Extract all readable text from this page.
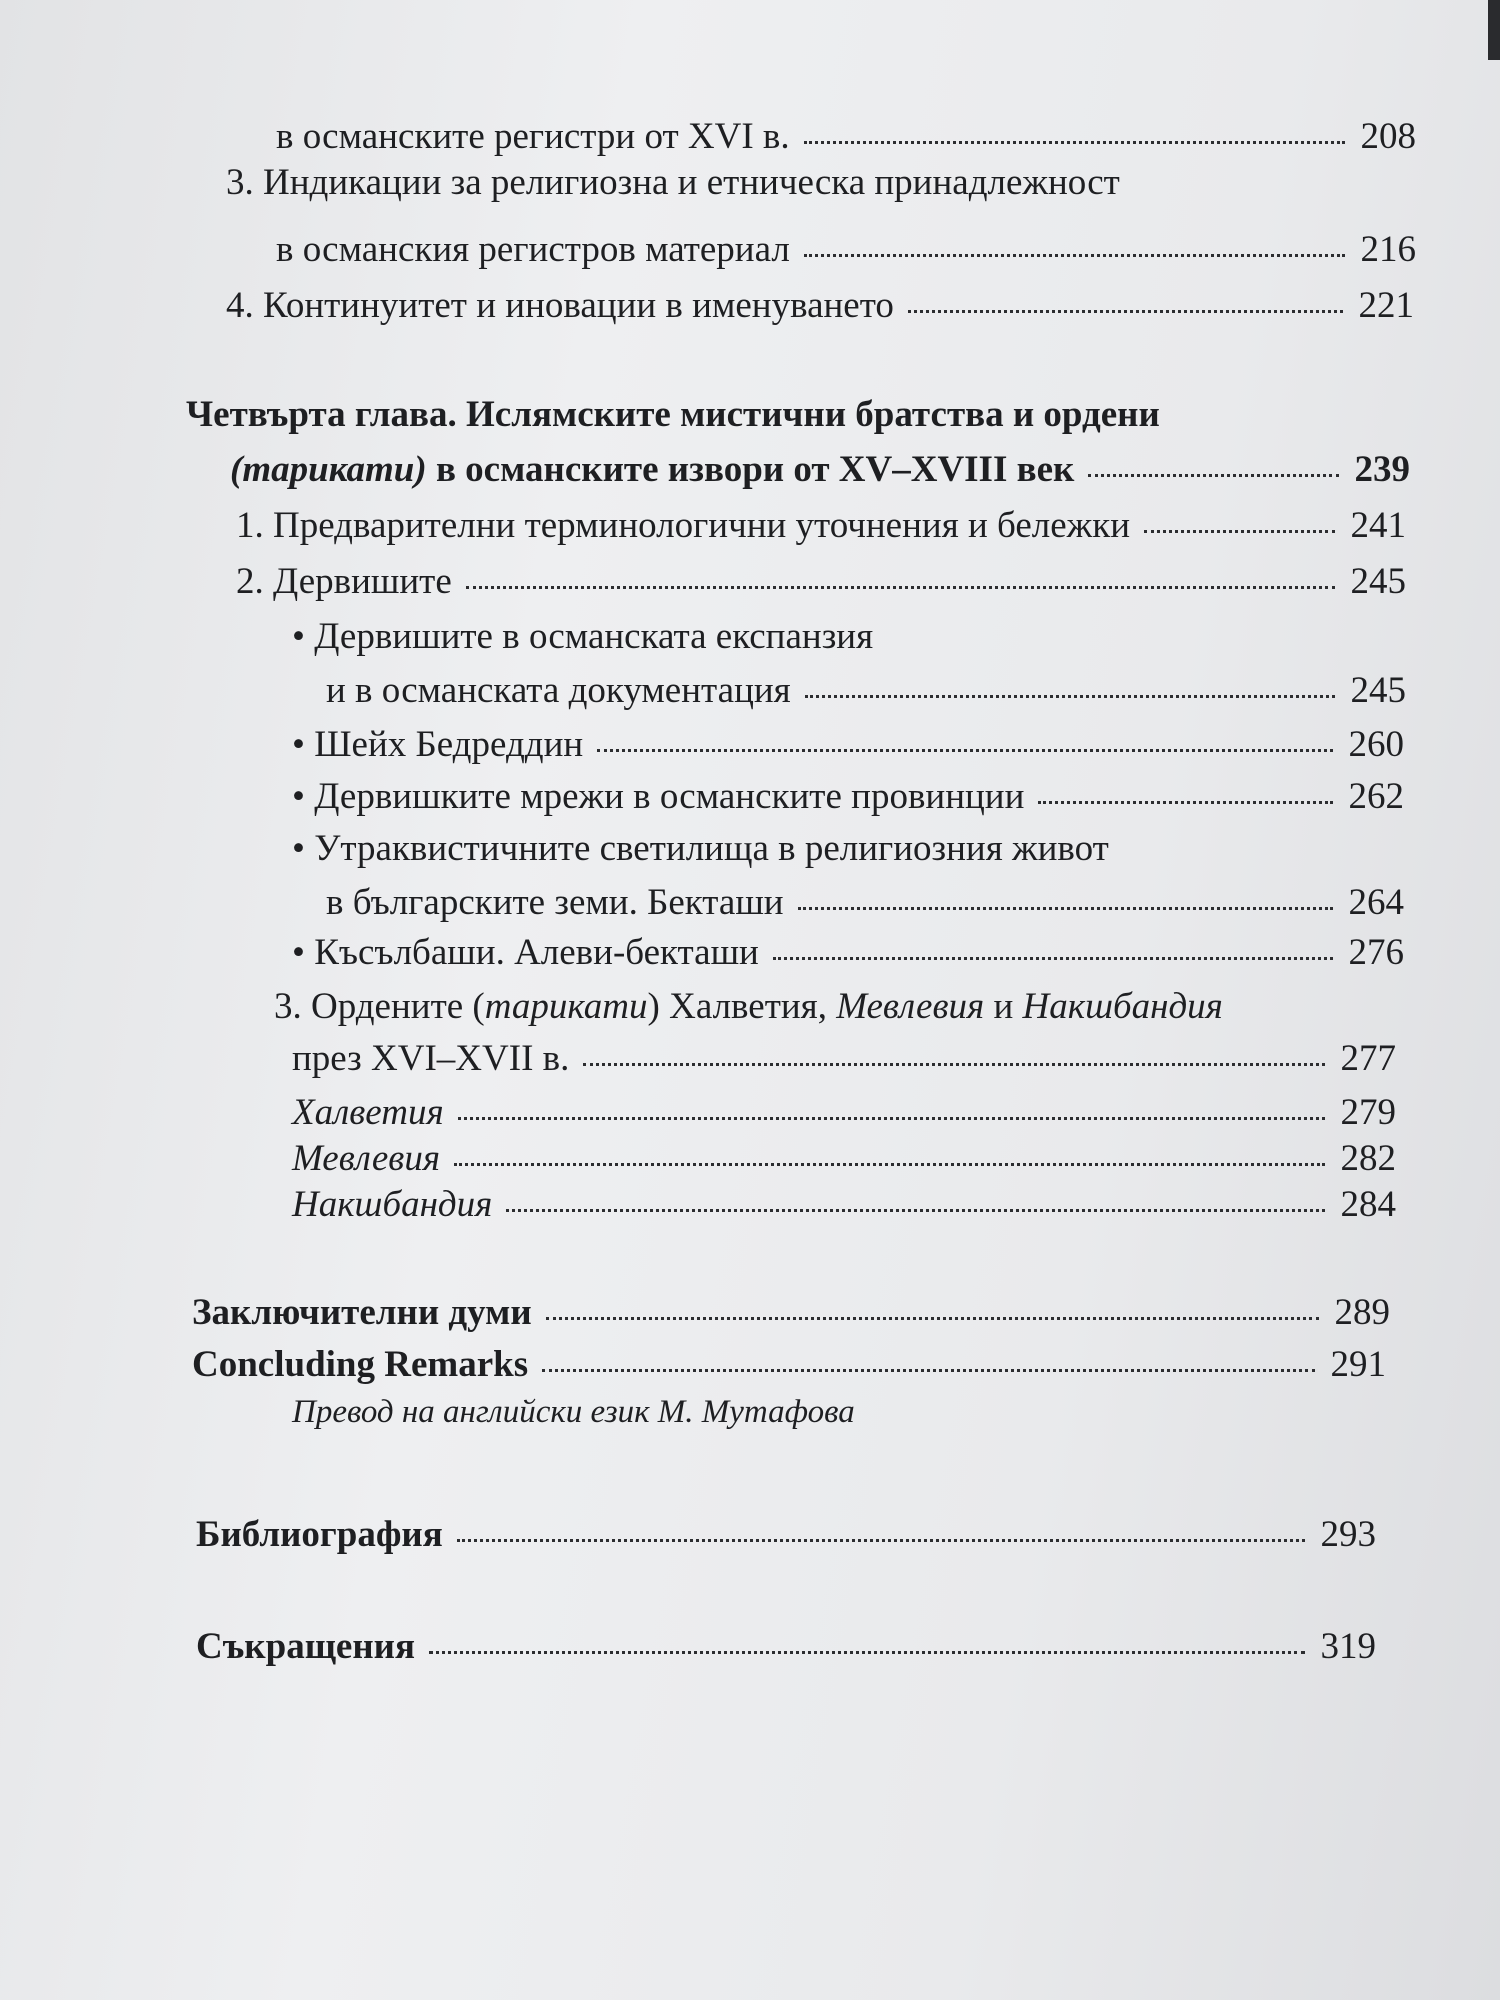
в османските регистри от XVI в.	208
3. Индикации за религиозна и етническа принадлежност
в османския регистров материал	216
4. Континуитет и иновации в именуването	221
Четвърта глава. Ислямските мистични братства и ордени
(тарикати) в османските извори от XV–XVIII век	239
1. Предварителни терминологични уточнения и бележки	241
2. Дервишите	245
• Дервишите в османската експанзия
и в османската документация	245
• Шейх Бедреддин	260
• Дервишките мрежи в османските провинции	262
• Утраквистичните светилища в религиозния живот
в българските земи. Бекташи	264
• Късълбаши. Алеви-бекташи	276
3. Ордените (тарикати) Халветия, Мевлевия и Накшбандия
през XVI–XVII в.	277
Халветия	279
Мевлевия	282
Накшбандия	284
Заключителни думи	289
Concluding Remarks	291
Превод на английски език М. Мутафова
Библиография	293
Съкращения	319
